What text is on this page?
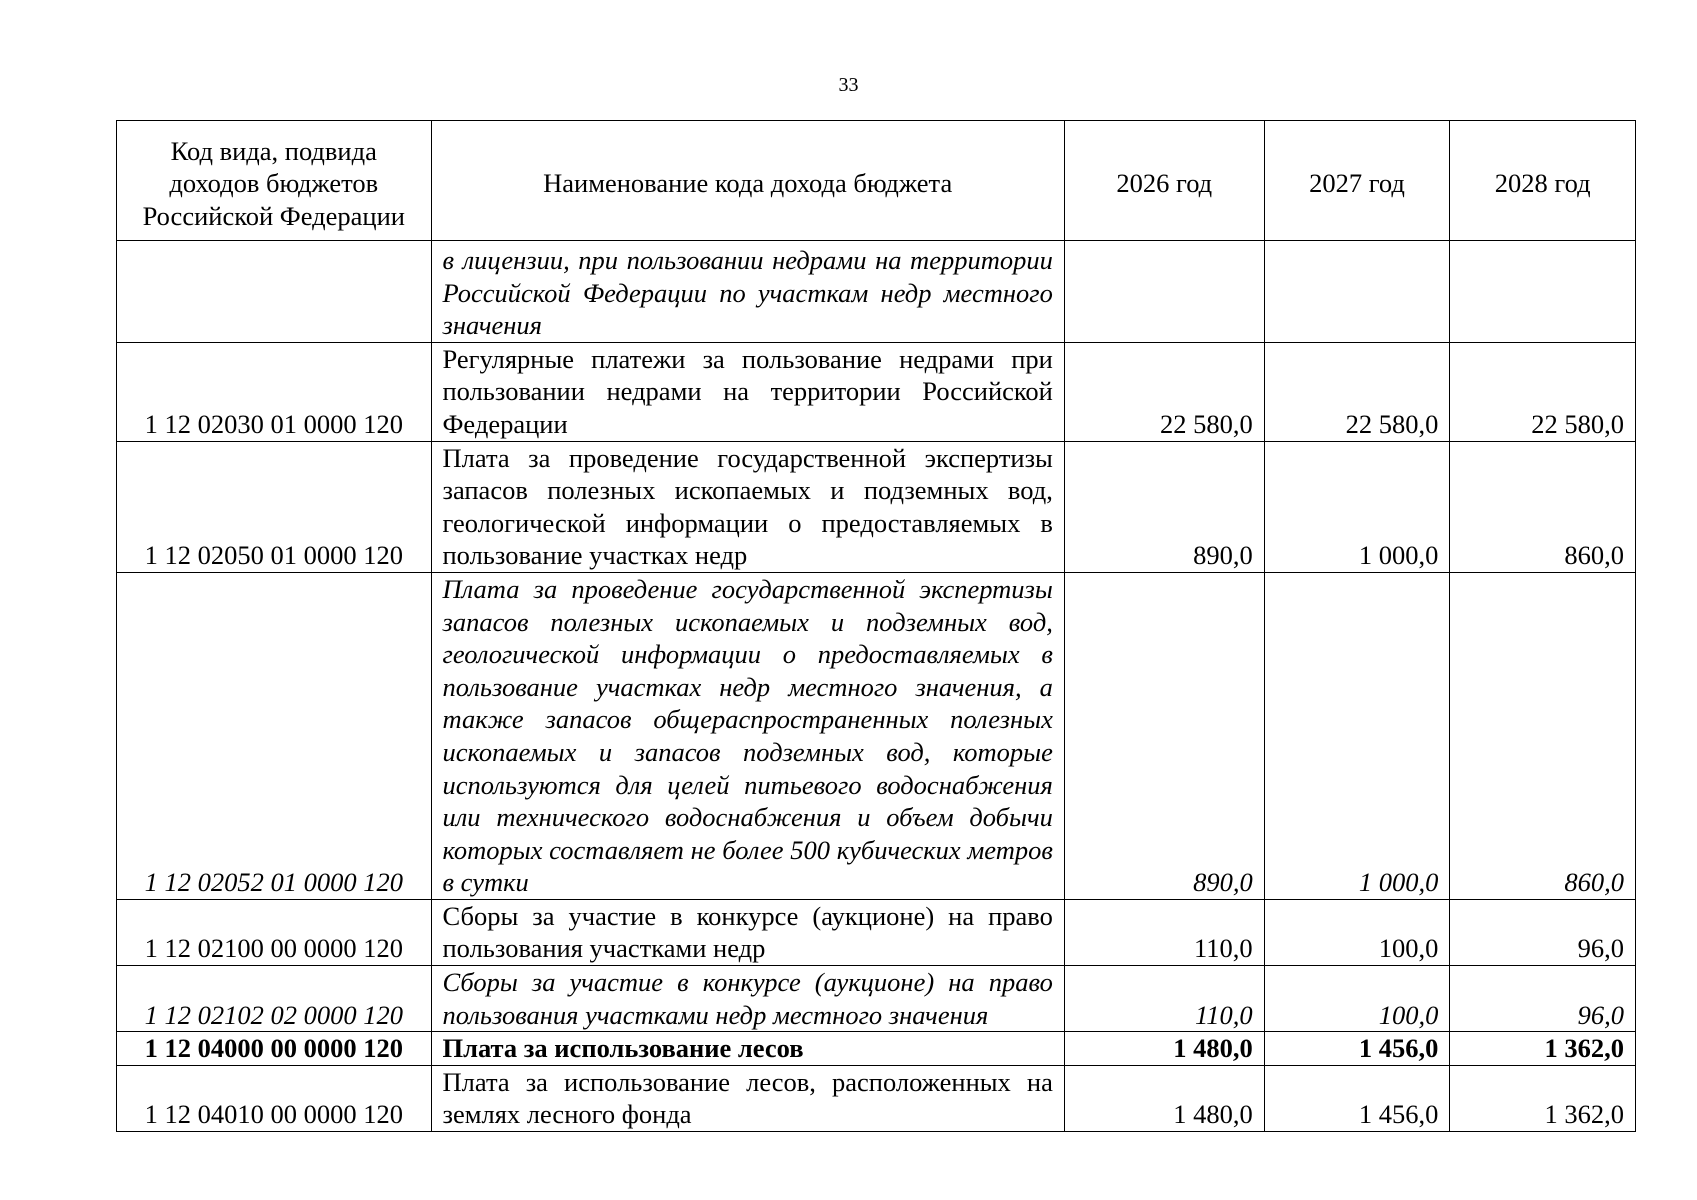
33
Код вида, подвида доходов бюджетов Российской Федерации	Наименование кода дохода бюджета	2026 год	2027 год	2028 год
	в лицензии, при пользовании недрами на территории Российской Федерации по участкам недр местного значения			
1 12 02030 01 0000 120	Регулярные платежи за пользование недрами при пользовании недрами на территории Российской Федерации	22 580,0	22 580,0	22 580,0
1 12 02050 01 0000 120	Плата за проведение государственной экспертизы запасов полезных ископаемых и подземных вод, геологической информации о предоставляемых в пользование участках недр	890,0	1 000,0	860,0
1 12 02052 01 0000 120	Плата за проведение государственной экспертизы запасов полезных ископаемых и подземных вод, геологической информации о предоставляемых в пользование участках недр местного значения, а также запасов общераспространенных полезных ископаемых и запасов подземных вод, которые используются для целей питьевого водоснабжения или технического водоснабжения и объем добычи которых составляет не более 500 кубических метров в сутки	890,0	1 000,0	860,0
1 12 02100 00 0000 120	Сборы за участие в конкурсе (аукционе) на право пользования участками недр	110,0	100,0	96,0
1 12 02102 02 0000 120	Сборы за участие в конкурсе (аукционе) на право пользования участками недр местного значения	110,0	100,0	96,0
1 12 04000 00 0000 120	Плата за использование лесов	1 480,0	1 456,0	1 362,0
1 12 04010 00 0000 120	Плата за использование лесов, расположенных на землях лесного фонда	1 480,0	1 456,0	1 362,0
